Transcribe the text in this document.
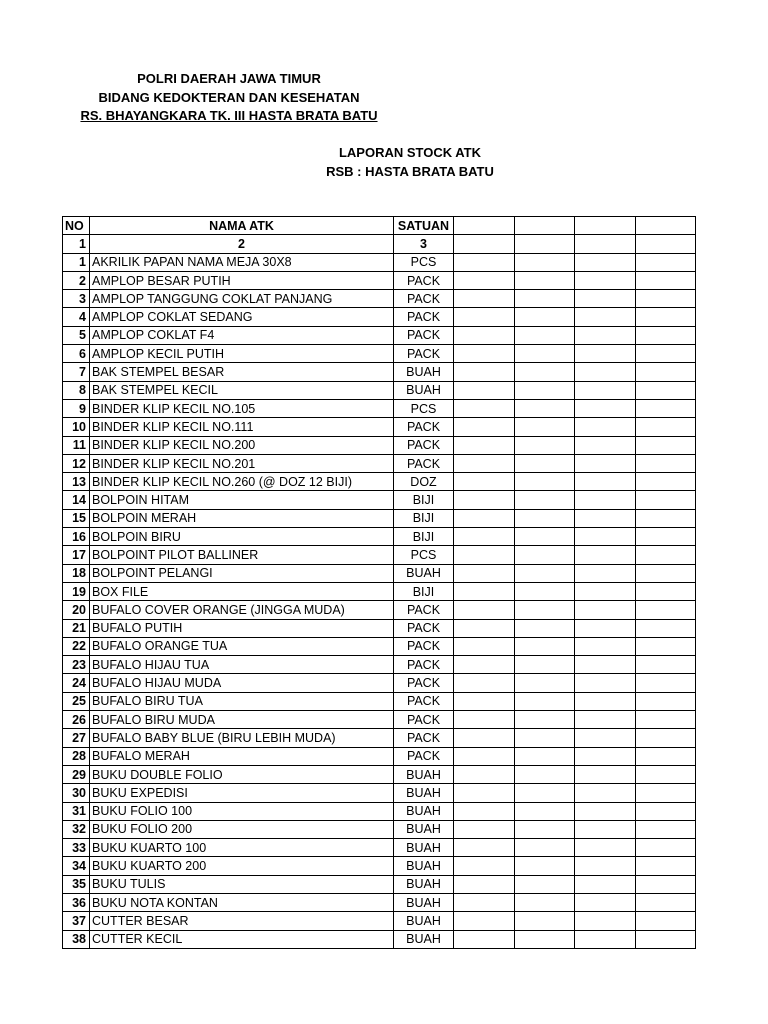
POLRI DAERAH JAWA TIMUR
BIDANG KEDOKTERAN DAN KESEHATAN
RS. BHAYANGKARA TK. III HASTA BRATA BATU
LAPORAN STOCK ATK
RSB : HASTA BRATA BATU
NO	NAMA ATK	SATUAN				
1	2	3				
1	AKRILIK PAPAN NAMA MEJA 30X8	PCS				
2	AMPLOP BESAR PUTIH	PACK				
3	AMPLOP TANGGUNG COKLAT PANJANG	PACK				
4	AMPLOP COKLAT SEDANG	PACK				
5	AMPLOP COKLAT F4	PACK				
6	AMPLOP KECIL PUTIH	PACK				
7	BAK STEMPEL BESAR	BUAH				
8	BAK STEMPEL KECIL	BUAH				
9	BINDER KLIP KECIL NO.105	PCS				
10	BINDER KLIP KECIL NO.111	PACK				
11	BINDER KLIP KECIL NO.200	PACK				
12	BINDER KLIP KECIL NO.201	PACK				
13	BINDER KLIP KECIL NO.260 (@ DOZ 12 BIJI)	DOZ				
14	BOLPOIN HITAM	BIJI				
15	BOLPOIN MERAH	BIJI				
16	BOLPOIN BIRU	BIJI				
17	BOLPOINT PILOT BALLINER	PCS				
18	BOLPOINT PELANGI	BUAH				
19	BOX FILE	BIJI				
20	BUFALO COVER ORANGE (JINGGA MUDA)	PACK				
21	BUFALO PUTIH	PACK				
22	BUFALO ORANGE TUA	PACK				
23	BUFALO HIJAU TUA	PACK				
24	BUFALO HIJAU MUDA	PACK				
25	BUFALO BIRU TUA	PACK				
26	BUFALO BIRU MUDA	PACK				
27	BUFALO BABY BLUE (BIRU LEBIH MUDA)	PACK				
28	BUFALO MERAH	PACK				
29	BUKU DOUBLE FOLIO	BUAH				
30	BUKU EXPEDISI	BUAH				
31	BUKU FOLIO 100	BUAH				
32	BUKU FOLIO 200	BUAH				
33	BUKU KUARTO 100	BUAH				
34	BUKU KUARTO 200	BUAH				
35	BUKU TULIS	BUAH				
36	BUKU NOTA KONTAN	BUAH				
37	CUTTER BESAR	BUAH				
38	CUTTER KECIL	BUAH				
